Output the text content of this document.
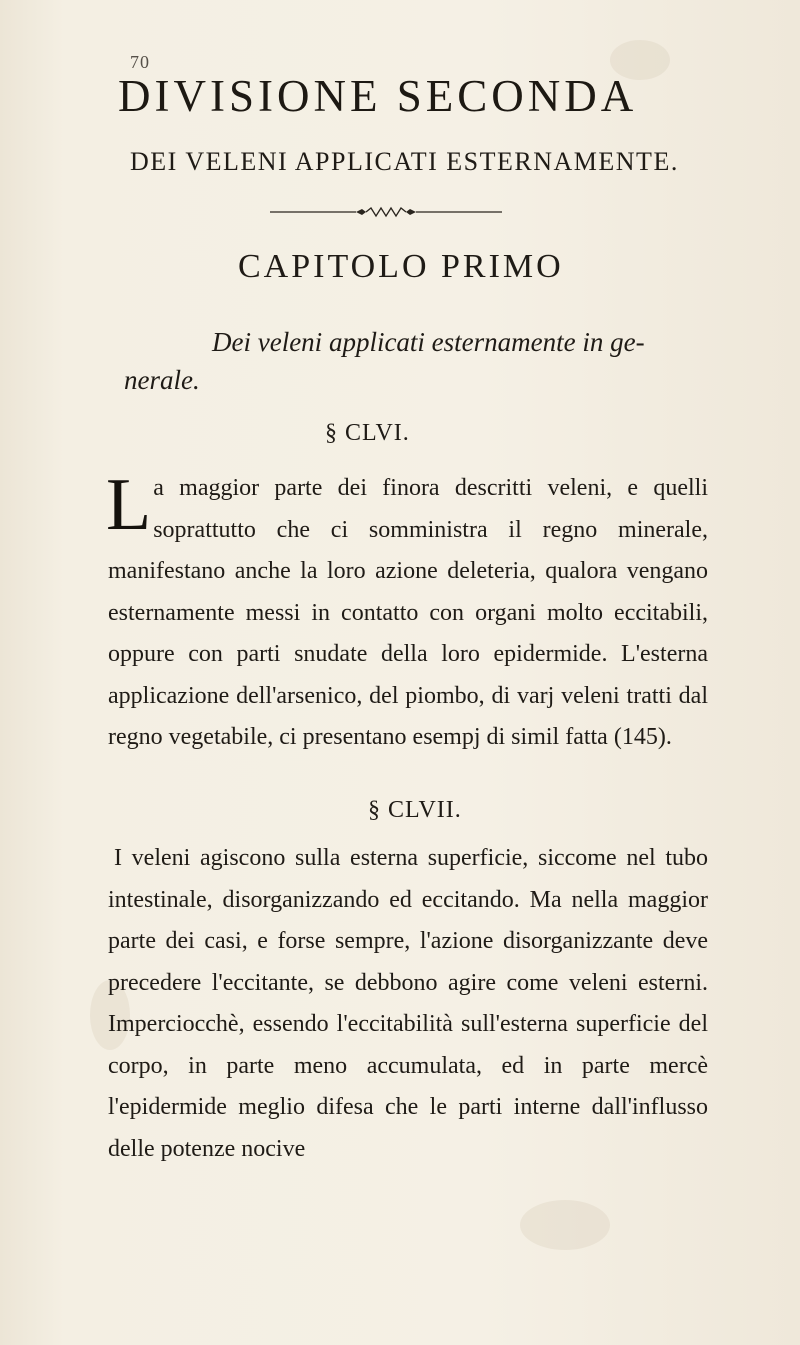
70
DIVISIONE SECONDA
DEI VELENI APPLICATI ESTERNAMENTE.
CAPITOLO PRIMO
Dei veleni applicati esternamente in ge-
nerale.
§ CLVI.

La maggior parte dei finora descritti veleni, e quelli soprattutto che ci somministra il regno minerale, manifestano anche la loro azione deleteria, qualora vengano esternamente messi in contatto con organi molto eccitabili, oppure con parti snudate della loro epidermide. L'esterna applicazione dell'arsenico, del piombo, di varj veleni tratti dal regno vegetabile, ci presentano esempj di simil fatta (145).

§ CLVII.

I veleni agiscono sulla esterna superficie, siccome nel tubo intestinale, disorganizzando ed eccitando. Ma nella maggior parte dei casi, e forse sempre, l'azione disorganizzante deve precedere l'eccitante, se debbono agire come veleni esterni. Imperciocchè, essendo l'eccitabilità sull'esterna superficie del corpo, in parte meno accumulata, ed in parte mercè l'epidermide meglio difesa che le parti interne dall'influsso delle potenze nocive
